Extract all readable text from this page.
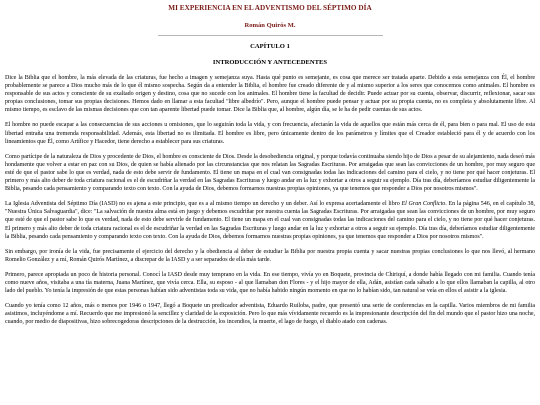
MI EXPERIENCIA EN EL ADVENTISMO DEL SÉPTIMO DÍA
Román Quirós M.
CAPÍTULO 1
INTRODUCCIÓN Y ANTECEDENTES

Dice la Biblia que el hombre, la más elevada de las criaturas, fue hecho a imagen y semejanza suya. Hasta qué punto es semejante, es cosa que merece ser tratada aparte. Debido a esta semejanza con Él, el hombre probablemente se parece a Dios mucho más de lo que él mismo sospecha. Según da a entender la Biblia, el hombre fue creado diferente de y al mismo superior a los seres que conocemos como animales. El hombre es responsable de sus actos y consciente de su exaltado origen y destino, cosa que no sucede con los animales. El hombre tiene la facultad de decidir. Puede actuar por su cuenta, observar, discurrir, reflexionar, sacar sus propias conclusiones, tomar sus propias decisiones. Hemos dado en llamar a esta facultad "libre albedrío". Pero, aunque el hombre puede pensar y actuar por su propia cuenta, no es completa y absolutamente libre. Al mismo tiempo, es esclavo de las mismas decisiones que con tan aparente libertad puede tomar. Dice la Biblia que, al hombre, algún día, se le ha de pedir cuentas de sus actos.

El hombre no puede escapar a las consecuencias de sus acciones u omisiones, que lo seguirán toda la vida, y con frecuencia, afectarán la vida de aquellos que están más cerca de él, para bien o para mal. El uso de esta libertad entraña una tremenda responsabilidad. Además, esta libertad no es ilimitada. El hombre es libre, pero únicamente dentro de los parámetros y límites que el Creador estableció para él y de acuerdo con los lineamientos que Él, como Artífice y Hacedor, tiene derecho a establecer para sus criaturas.

Como partícipe de la naturaleza de Dios y procedente de Dios, el hombre es consciente de Dios. Desde la desobediencia original, y porque todavía continuaba siendo hijo de Dios a pesar de su alejamiento, nada deseó más hondamente que volver a estar en paz con su Dios, de quien se había alienado por las circunstancias que nos relatan las Sagradas Escrituras. Por arraigadas que sean las convicciones de un hombre, por muy seguro que esté de que el pastor sabe lo que es verdad, nada de esto debe servir de fundamento. El tiene un mapa en el cual van consignadas todas las indicaciones del camino para el cielo, y no tiene por qué hacer conjeturas. El primero y más alto deber de toda criatura racional es el de escudriñar la verdad en las Sagradas Escrituras y luego andar en la luz y exhortar a otros a seguir su ejemplo. Día tras día, deberíamos estudiar diligentemente la Biblia, pesando cada pensamiento y comparando texto con texto. Con la ayuda de Dios, debemos formarnos nuestras propias opiniones, ya que tenemos que responder a Dios por nosotros mismos".

La Iglesia Adventista del Séptimo Día (IASD) no es ajena a este principio, que es a al mismo tiempo un derecho y un deber. Así lo expresa acertadamente el libro El Gran Conflicto. En la página 546, en el capítulo 38, "Nuestra Única Salvaguardia", dice: "La salvación de nuestra alma está en juego y debemos escudriñar por nuestra cuenta las Sagradas Escrituras. Por arraigadas que sean las convicciones de un hombre, por muy seguro que esté de que el pastor sabe lo que es verdad, nada de esto debe servirle de fundamento. El tiene un mapa en el cual van consignadas todas las indicaciones del camino para el cielo, y no tiene por qué hacer conjeturas. El primero y más alto deber de toda criatura racional es el de escudriñar la verdad en las Sagradas Escrituras y luego andar en la luz y exhortar a otros a seguir su ejemplo. Día tras día, deberíamos estudiar diligentemente la Biblia, pesando cada pensamiento y comparando texto con texto. Con la ayuda de Dios, debemos formarnos nuestras propias opiniones, ya que tenemos que responder a Dios por nosotros mismos".

Sin embargo, por ironía de la vida, fue precisamente el ejercicio del derecho y la obediencia al deber de estudiar la Biblia por nuestra propia cuenta y sacar nuestras propias conclusiones lo que nos llevó, al hermano Romelio González y a mí, Román Quirós Martínez, a discrepar de la IASD y a ser separados de ella más tarde.

Primero, parece apropiada un poco de historia personal. Conocí la IASD desde muy temprano en la vida. En ese tiempo, vivía yo en Boquete, provincia de Chiriquí, a donde había llegado con mi familia. Cuando tenía como nueve años, visitaba a una tía materna, Juana Martínez, que vivía cerca. Ella, su esposo - al que llamaban don Flores - y el hijo mayor de ella, Adán, asistían cada sábado a lo que ellos llamaban la capilla, al otro lado del pueblo. Yo tenía la impresión de que estas personas habían sido adventistas toda su vida, que no había habido ningún momento en que no lo habían sido, tan natural se veía en ellos el asistir a la iglesia.

Cuando yo tenía como 12 años, más o menos por 1946 o 1947, llegó a Boquete un predicador adventista, Eduardo Ruiloba, padre, que presentó una serie de conferencias en la capilla. Varios miembros de mi familia asistimos, incluyéndome a mí. Recuerdo que me impresionó la sencillez y claridad de la exposición. Pero lo que más vívidamente recuerdo es la impresionante descripción del fin del mundo que el pastor hizo una noche, cuando, por medio de diapositivas, hizo sobrecogedoras descripciones de la destrucción, los incendios, la muerte, el lago de fuego, el diablo atado con cadenas.
